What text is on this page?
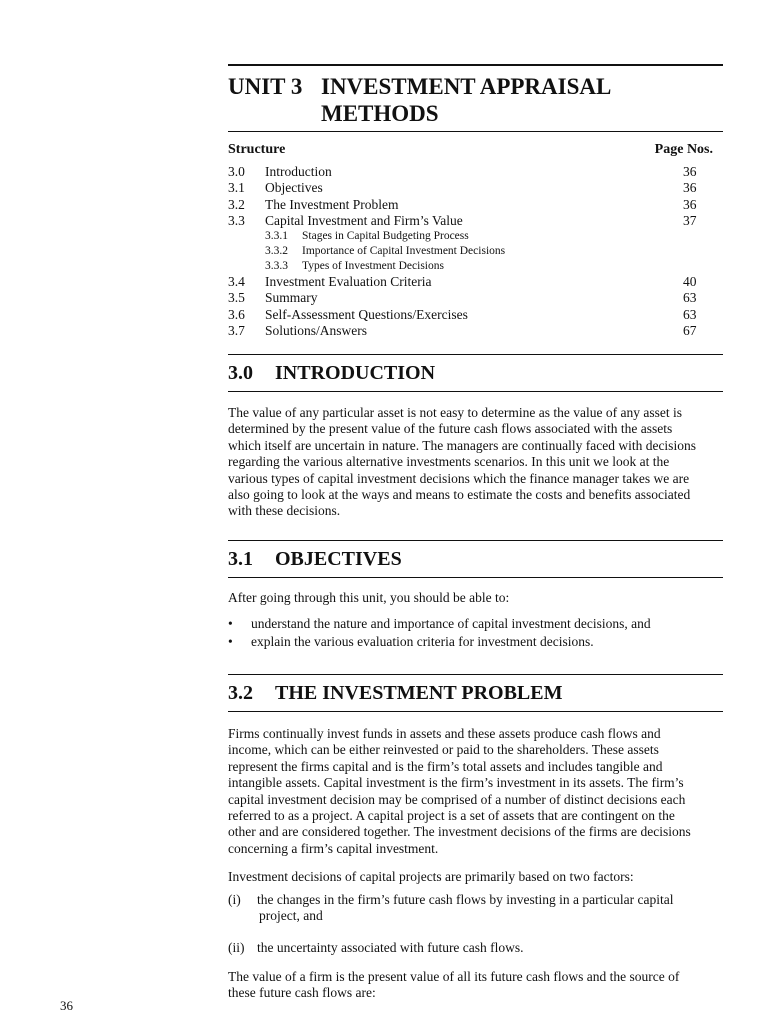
UNIT 3 INVESTMENT APPRAISAL
METHODS
Structure	Page Nos.
3.0	Introduction	36
3.1	Objectives	36
3.2	The Investment Problem	36
3.3	Capital Investment and Firm’s Value	37
3.3.1	Stages in Capital Budgeting Process
3.3.2	Importance of Capital Investment Decisions
3.3.3	Types of Investment Decisions
3.4	Investment Evaluation Criteria	40
3.5	Summary	63
3.6	Self-Assessment Questions/Exercises	63
3.7	Solutions/Answers	67
3.0	INTRODUCTION

The value of any particular asset is not easy to determine as the value of any asset is
determined by the present value of the future cash flows associated with the assets
which itself are uncertain in nature. The managers are continually faced with decisions
regarding the various alternative investments scenarios. In this unit we look at the
various types of capital investment decisions which the finance manager takes we are
also going to look at the ways and means to estimate the costs and benefits associated
with these decisions.

3.1	OBJECTIVES

After going through this unit, you should be able to:

• understand the nature and importance of capital investment decisions, and
• explain the various evaluation criteria for investment decisions.
3.2	THE INVESTMENT PROBLEM

Firms continually invest funds in assets and these assets produce cash flows and
income, which can be either reinvested or paid to the shareholders. These assets
represent the firms capital and is the firm’s total assets and includes tangible and
intangible assets. Capital investment is the firm’s investment in its assets. The firm’s
capital investment decision may be comprised of a number of distinct decisions each
referred to as a project. A capital project is a set of assets that are contingent on the
other and are considered together. The investment decisions of the firms are decisions
concerning a firm’s capital investment.

Investment decisions of capital projects are primarily based on two factors:

(i)	the changes in the firm’s future cash flows by investing in a particular capital
project, and
(ii) the uncertainty associated with future cash flows.

The value of a firm is the present value of all its future cash flows and the source of
these future cash flows are:

36
